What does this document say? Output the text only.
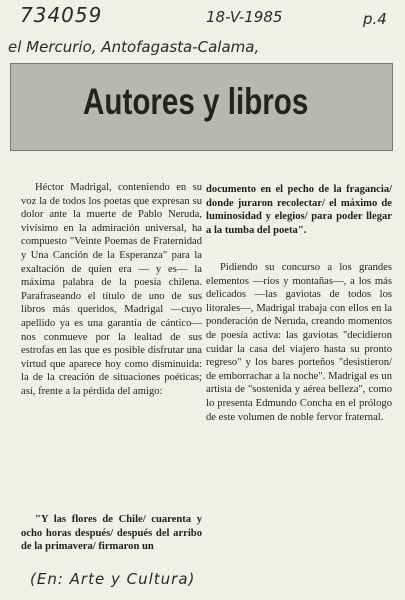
734059	18-V-1985	p.4
el Mercurio, Antofagasta-Calama,
Autores y libros

Héctor Madrigal, conteniendo en su voz la de todos los poetas que expresan su dolor ante la muerte de Pablo Neruda, vivísimo en la admiración universal, ha compuesto "Veinte Poemas de Fraternidad y Una Canción de la Esperanza" para la exaltación de quien era — y es— la máxima palabra de la poesía chilena. Parafraseando el título de uno de sus libros más queridos, Madrigal —cuyo apellido ya es una garantía de cántico— nos conmueve por la lealtad de sus estrofas en las que es posible disfrutar una virtud que aparece hoy como disminuida: la de la creación de situaciones poéticas; así, frente a la pérdida del amigo:

"Y las flores de Chile/ cuarenta y ocho horas después/ después del arribo de la primavera/ firmaron un

documento en el pecho de la fragancia/ donde juraron recolectar/ el máximo de luminosidad y elegios/ para poder llegar a la tumba del poeta".

Pidiendo su concurso a los grandes elementos —ríos y montañas—, a los más delicados —las gaviotas de todos los litorales—, Madrigal trabaja con ellos en la ponderación de Neruda, creando momentos de poesía activa: las gaviotas "decidieron cuidar la casa del viajero hasta su pronto regreso" y los bares porteños "desistieron/ de emborrachar a la noche". Madrigal es un artista de "sostenida y aérea belleza", como lo presenta Edmundo Concha en el prólogo de este volumen de noble fervor fraternal.

(En: Arte y Cultura)
